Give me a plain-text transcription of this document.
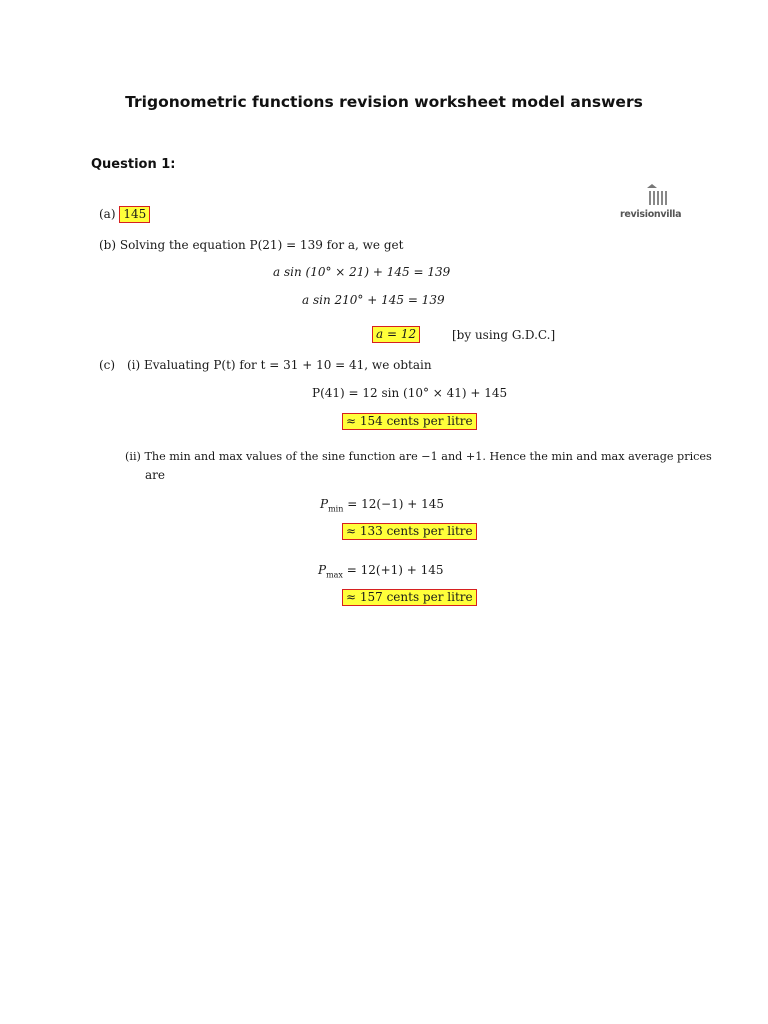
Trigonometric functions revision worksheet model answers
Question 1:
revisionvilla
(a) 145
(b) Solving the equation P(21) = 139 for a, we get
a sin (10° × 21) + 145 = 139
a sin 210° + 145 = 139
a = 12	[by using G.D.C.]
(c) (i) Evaluating P(t) for t = 31 + 10 = 41, we obtain
P(41) = 12 sin (10° × 41) + 145
≈ 154 cents per litre
(ii) The min and max values of the sine function are −1 and +1. Hence the min and max average prices
are
$P_{min} = 12(-1) + 145$
≈ 133 cents per litre
$P_{max} = 12(+1) + 145$
≈ 157 cents per litre
